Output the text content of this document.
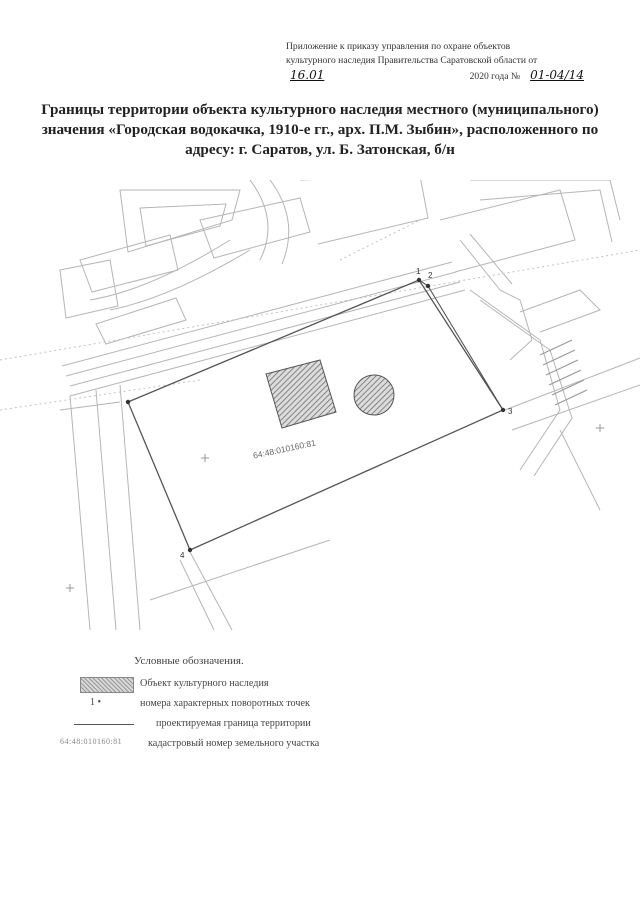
Приложение к приказу управления по охране объектов
культурного наследия Правительства Саратовской области от
16.01	2020 года № 01-04/14
Границы территории объекта культурного наследия местного (муниципального) значения «Городская водокачка, 1910-е гг., арх. П.М. Зыбин», расположенного по адресу: г. Саратов, ул. Б. Затонская, б/н
1 2
3
4
64:48:010160:81
Условные обозначения.
Объект культурного наследия
1 •	номера характерных поворотных точек
проектируемая граница территории
64:48:010160:81	кадастровый номер земельного участка
